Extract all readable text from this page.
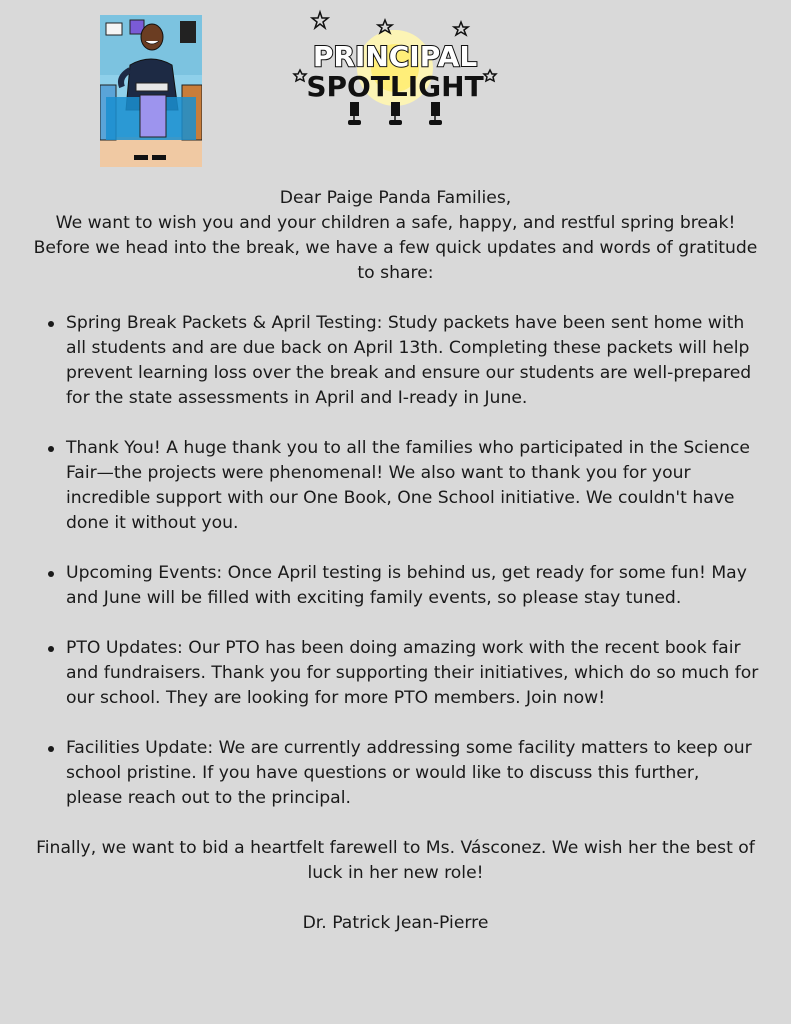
PRINCIPAL
SPOTLIGHT

Dear Paige Panda Families,

We want to wish you and your children a safe, happy, and restful spring break! Before we head into the break, we have a few quick updates and words of gratitude to share:

Spring Break Packets & April Testing: Study packets have been sent home with all students and are due back on April 13th. Completing these packets will help prevent learning loss over the break and ensure our students are well-prepared for the state assessments in April and I-ready in June.
Thank You! A huge thank you to all the families who participated in the Science Fair—the projects were phenomenal! We also want to thank you for your incredible support with our One Book, One School initiative. We couldn't have done it without you.
Upcoming Events: Once April testing is behind us, get ready for some fun! May and June will be filled with exciting family events, so please stay tuned.
PTO Updates: Our PTO has been doing amazing work with the recent book fair and fundraisers. Thank you for supporting their initiatives, which do so much for our school. They are looking for more PTO members. Join now!
Facilities Update: We are currently addressing some facility matters to keep our school pristine. If you have questions or would like to discuss this further, please reach out to the principal.

Finally, we want to bid a heartfelt farewell to Ms. Vásconez. We wish her the best of luck in her new role!

Dr. Patrick Jean-Pierre
